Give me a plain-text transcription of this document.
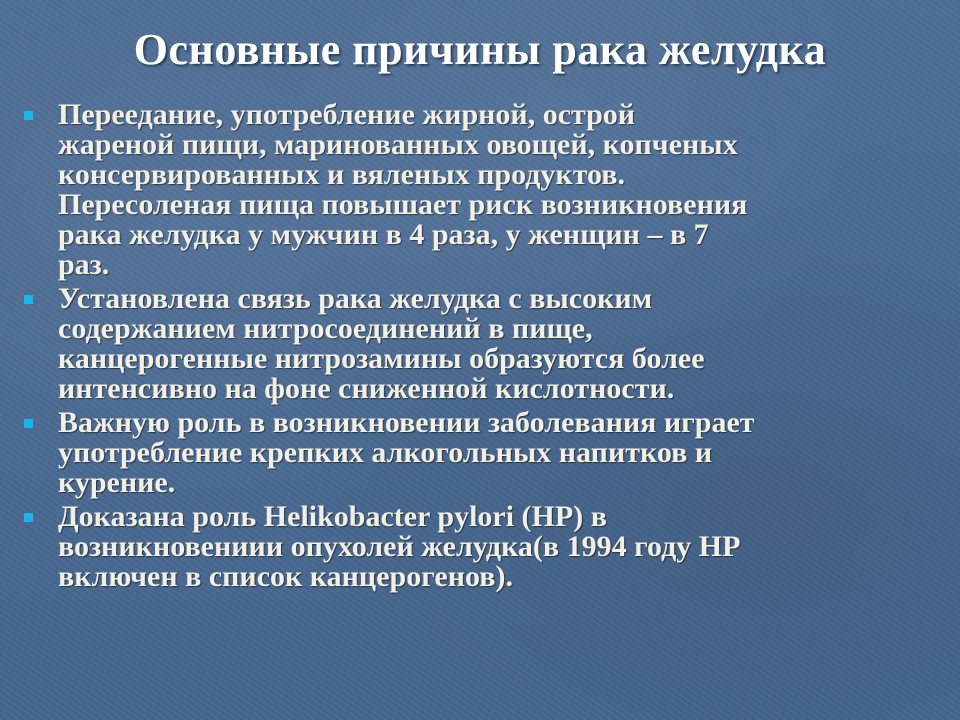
Основные причины рака желудка
Переедание, употребление жирной, острой
жареной пищи, маринованных овощей, копченых
консервированных и вяленых продуктов.
Пересоленая пища повышает риск возникновения
рака желудка у мужчин в 4 раза, у женщин – в 7
раз.
Установлена связь рака желудка с высоким
содержанием нитросоединений в пище,
канцерогенные нитрозамины образуются более
интенсивно на фоне сниженной кислотности.
Важную роль в возникновении заболевания играет
употребление крепких алкогольных напитков и
курение.
Доказана роль Helikobacter pylori (HP) в
возникновениии опухолей желудка(в 1994 году НР
включен в список канцерогенов).
